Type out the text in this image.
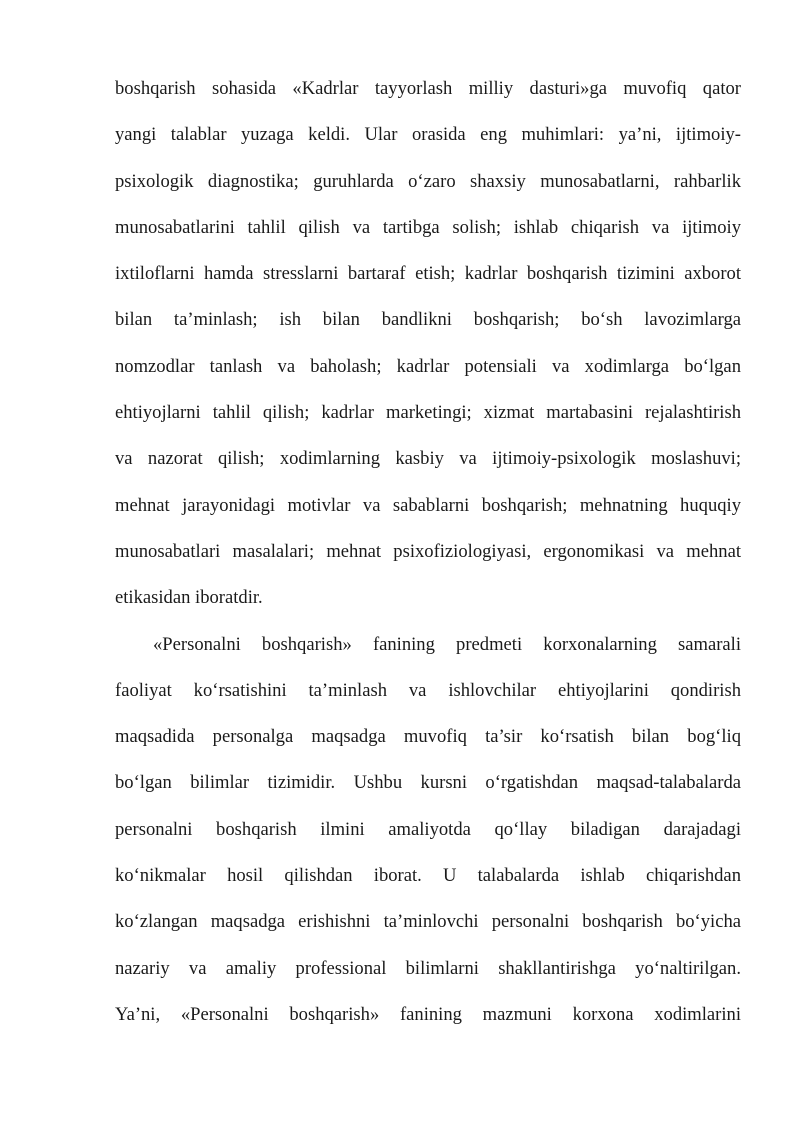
boshqarish sohasida «Kadrlar tayyorlash milliy dasturi»ga muvofiq qator
yangi talablar yuzaga keldi. Ular orasida eng muhimlari: ya’ni, ijtimoiy-
psixologik diagnostika; guruhlarda o‘zaro shaxsiy munosabatlarni, rahbarlik
munosabatlarini tahlil qilish va tartibga solish; ishlab chiqarish va ijtimoiy
ixtiloflarni hamda stresslarni bartaraf etish; kadrlar boshqarish tizimini axborot
bilan ta’minlash; ish bilan bandlikni boshqarish; bo‘sh lavozimlarga
nomzodlar tanlash va baholash; kadrlar potensiali va xodimlarga bo‘lgan
ehtiyojlarni tahlil qilish; kadrlar marketingi; xizmat martabasini rejalashtirish
va nazorat qilish; xodimlarning kasbiy va ijtimoiy-psixologik moslashuvi;
mehnat jarayonidagi motivlar va sabablarni boshqarish; mehnatning huquqiy
munosabatlari masalalari; mehnat psixofiziologiyasi, ergonomikasi va mehnat
etikasidan iboratdir.
«Personalni boshqarish» fanining predmeti korxonalarning samarali
faoliyat ko‘rsatishini ta’minlash va ishlovchilar ehtiyojlarini qondirish
maqsadida personalga maqsadga muvofiq ta’sir ko‘rsatish bilan bog‘liq
bo‘lgan bilimlar tizimidir. Ushbu kursni o‘rgatishdan maqsad-talabalarda
personalni boshqarish ilmini amaliyotda qo‘llay biladigan darajadagi
ko‘nikmalar hosil qilishdan iborat. U talabalarda ishlab chiqarishdan
ko‘zlangan maqsadga erishishni ta’minlovchi personalni boshqarish bo‘yicha
nazariy va amaliy professional bilimlarni shakllantirishga yo‘naltirilgan.
Ya’ni, «Personalni boshqarish» fanining mazmuni korxona xodimlarini
